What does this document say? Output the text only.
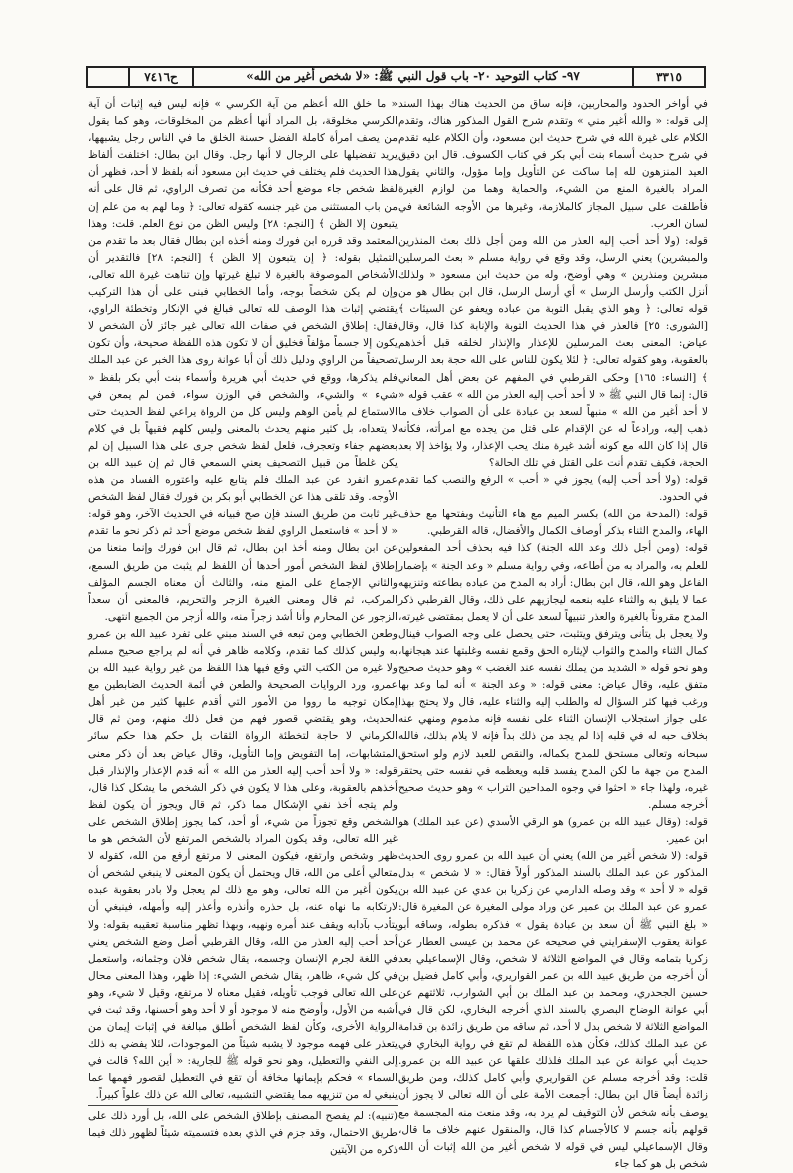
٣٣١٥
٩٧- كتاب التوحيد ٢٠- باب قول النبي ﷺ: «لا شخص أغير من الله»
ح٧٤١٦

في أواخر الحدود والمحاربين، فإنه ساق من الحديث هناك بهذا السند إلى قوله: « والله أغير مني » وتقدم شرح القول المذكور هناك، وتقدم الكلام على غيرة الله في شرح حديث ابن مسعود، وأن الكلام عليه تقدم في شرح حديث أسماء بنت أبي بكر في كتاب الكسوف. قال ابن دقيق العيد المنزهون لله إما ساكت عن التأويل وإما مؤول، والثاني يقول المراد بالغيرة المنع من الشيء، والحماية وهما من لوازم الغيرة فأطلقت على سبيل المجاز كالملازمة، وغيرها من الأوجه الشائعة في لسان العرب.

قوله: (ولا أحد أحب إليه العذر من الله ومن أجل ذلك بعث المنذرين والمبشرين) يعني الرسل، وقد وقع في رواية مسلم « بعث المرسلين مبشرين ومنذرين » وهي أوضح، وله من حديث ابن مسعود « ولذلك أنزل الكتب وأرسل الرسل » أي أرسل الرسل، قال ابن بطال هو من قوله تعالى: ﴿ وهو الذي يقبل التوبة من عباده ويعفو عن السيئات ﴾ [الشورى: ٢٥] فالعذر في هذا الحديث التوبة والإنابة كذا قال، وقال عياض: المعنى بعث المرسلين للإعذار والإنذار لخلقه قبل أخذهم بالعقوبة، وهو كقوله تعالى: ﴿ لئلا يكون للناس على الله حجة بعد الرسل ﴾ [النساء: ١٦٥] وحكى القرطبي في المفهم عن بعض أهل المعاني قال: إنما قال النبي ﷺ « لا أحد أحب إليه العذر من الله » عقب قوله « لا أحد أغير من الله » منبهاً لسعد بن عبادة على أن الصواب خلاف ما ذهب إليه، ورادعاً له عن الإقدام على قتل من يجده مع امرأته، فكأنه قال إذا كان الله مع كونه أشد غيرة منك يحب الإعذار، ولا يؤاخذ إلا بعد الحجة، فكيف تقدم أنت على القتل في تلك الحالة؟

قوله: (ولا أحد أحب إليه) يجوز في « أحب » الرفع والنصب كما تقدم في الحدود.

قوله: (المدحة من الله) بكسر الميم مع هاء التأنيث وبفتحها مع حذف الهاء، والمدح الثناء بذكر أوصاف الكمال والأفضال، قاله القرطبي.

قوله: (ومن أجل ذلك وعد الله الجنة) كذا فيه بحذف أحد المفعولين للعلم به، والمراد به من أطاعه، وفي رواية مسلم « وعد الجنة » بإضمار الفاعل وهو الله، قال ابن بطال: أراد به المدح من عباده بطاعته وتنزيهه عما لا يليق به والثناء عليه بنعمه ليجازيهم على ذلك، وقال القرطبي ذكر المدح مقروناً بالغيرة والعذر تنبيهاً لسعد على أن لا يعمل بمقتضى غيرته، ولا يعجل بل يتأنى ويترفق ويتثبت، حتى يحصل على وجه الصواب فينال كمال الثناء والمدح والثواب لإيثاره الحق وقمع نفسه وغلبتها عند هيجانها، وهو نحو قوله « الشديد من يملك نفسه عند الغضب » وهو حديث صحيح متفق عليه، وقال عياض: معنى قوله: « وعد الجنة » أنه لما وعد بها ورغب فيها كثر السؤال له والطلب إليه والثناء عليه، قال ولا يحتج بهذا على جواز استجلاب الإنسان الثناء على نفسه فإنه مذموم ومنهي عنه بخلاف حبه له في قلبه إذا لم يجد من ذلك بداً فإنه لا يلام بذلك، فالله سبحانه وتعالى مستحق للمدح بكماله، والنقص للعبد لازم ولو استحق المدح من جهة ما لكن المدح يفسد قلبه ويعظمه في نفسه حتى يحتقر غيره، ولهذا جاء « احثوا في وجوه المداحين التراب » وهو حديث صحيح أخرجه مسلم.

قوله: (وقال عبيد الله بن عمرو) هو الرقي الأسدي (عن عبد الملك) هو ابن عمير.

قوله: (لا شخص أغير من الله) يعني أن عبيد الله بن عمرو روى الحديث المذكور عن عبد الملك بالسند المذكور أولاً فقال: « لا شخص » بدل قوله « لا أحد » وقد وصله الدارمي عن زكريا بن عدي عن عبيد الله بن عمرو عن عبد الملك بن عمير عن وراد مولى المغيرة عن المغيرة قال: « بلغ النبي ﷺ أن سعد بن عبادة يقول » فذكره بطوله، وساقه أبو عوانة يعقوب الإسفرايني في صحيحه عن محمد بن عيسى العطار عن زكريا بتمامه وقال في المواضع الثلاثة لا شخص، وقال الإسماعيلي بعد أن أخرجه من طريق عبيد الله بن عمر القواريري، وأبي كامل فضيل بن حسين الجحدري، ومحمد بن عبد الملك بن أبي الشوارب، ثلاثتهم عن أبي عوانة الوضاح البصري بالسند الذي أخرجه البخاري، لكن قال في المواضع الثلاثة لا شخص بدل لا أحد، ثم ساقه من طريق زائدة بن قدامة عن عبد الملك كذلك، فكأن هذه اللفظة لم تقع في رواية البخاري في حديث أبي عوانة عن عبد الملك فلذلك علقها عن عبيد الله بن عمرو. قلت: وقد أخرجه مسلم عن القواريري وأبي كامل كذلك، ومن طريق زائدة أيضاً قال ابن بطال: أجمعت الأمة على أن الله تعالى لا يجوز أن يوصف بأنه شخص لأن التوقيف لم يرد به، وقد منعت منه المجسمة مع قولهم بأنه جسم لا كالأجسام كذا قال، والمنقول عنهم خلاف ما قال، وقال الإسماعيلي ليس في قوله لا شخص أغير من الله إثبات أن الله شخص بل هو كما جاء

« ما خلق الله أعظم من آية الكرسي » فإنه ليس فيه إثبات أن آية الكرسي مخلوقة، بل المراد أنها أعظم من المخلوقات، وهو كما يقول من يصف امرأة كاملة الفضل حسنة الخلق ما في الناس رجل يشبهها، يريد تفضيلها على الرجال لا أنها رجل. وقال ابن بطال: اختلفت ألفاظ هذا الحديث فلم يختلف في حديث ابن مسعود أنه بلفظ لا أحد، فظهر أن لفظ شخص جاء موضع أحد فكأنه من تصرف الراوي، ثم قال على أنه من باب المستثنى من غير جنسه كقوله تعالى: ﴿ وما لهم به من علم إن يتبعون إلا الظن ﴾ [النجم: ٢٨] وليس الظن من نوع العلم. قلت: وهذا المعتمد وقد قرره ابن فورك ومنه أخذه ابن بطال فقال بعد ما تقدم من التمثيل بقوله: ﴿ إن يتبعون إلا الظن ﴾ [النجم: ٢٨] فالتقدير أن الأشخاص الموصوفة بالغيرة لا تبلغ غيرتها وإن تناهت غيرة الله تعالى، وإن لم يكن شخصاً بوجه، وأما الخطابي فبنى على أن هذا التركيب يقتضي إثبات هذا الوصف لله تعالى فبالغ في الإنكار وتخطئة الراوي، فقال: إطلاق الشخص في صفات الله تعالى غير جائز لأن الشخص لا يكون إلا جسماً مؤلفاً فخليق أن لا تكون هذه اللفظة صحيحة، وأن تكون تصحيفاً من الراوي ودليل ذلك أن أبا عوانة روى هذا الخبر عن عبد الملك فلم يذكرها، ووقع في حديث أبي هريرة وأسماء بنت أبي بكر بلفظ « شيء » والشيء، والشخص في الوزن سواء، فمن لم يمعن في الاستماع لم يأمن الوهم وليس كل من الرواة يراعي لفظ الحديث حتى لا يتعداه، بل كثير منهم يحدث بالمعنى وليس كلهم فقيهاً بل في كلام بعضهم جفاء وتعجرف، فلعل لفظ شخص جرى على هذا السبيل إن لم يكن غلطاً من قبيل التصحيف يعني السمعي قال ثم إن عبيد الله بن عمرو انفرد عن عبد الملك فلم يتابع عليه واعتوره الفساد من هذه الأوجه. وقد تلقى هذا عن الخطابي أبو بكر بن فورك فقال لفظ الشخص غير ثابت من طريق السند فإن صح فبيانه في الحديث الآخر، وهو قوله: « لا أحد » فاستعمل الراوي لفظ شخص موضع أحد ثم ذكر نحو ما تقدم عن ابن بطال ومنه أخذ ابن بطال، ثم قال ابن فورك وإنما منعنا من إطلاق لفظ الشخص أمور أحدها أن اللفظ لم يثبت من طريق السمع، والثاني الإجماع على المنع منه، والثالث أن معناه الجسم المؤلف المركب، ثم قال ومعنى الغيرة الزجر والتحريم، فالمعنى أن سعداً الزجور عن المحارم وأنا أشد زجراً منه، والله أزجر من الجميع انتهى.

وطعن الخطابي ومن تبعه في السند مبني على تفرد عبيد الله بن عمرو به وليس كذلك كما تقدم، وكلامه ظاهر في أنه لم يراجع صحيح مسلم ولا غيره من الكتب التي وقع فيها هذا اللفظ من غير رواية عبيد الله بن عمرو، ورد الروايات الصحيحة والطعن في أئمة الحديث الضابطين مع إمكان توجيه ما رووا من الأمور التي أقدم عليها كثير من غير أهل الحديث، وهو يقتضي قصور فهم من فعل ذلك منهم، ومن ثم قال الكرماني لا حاجة لتخطئة الرواة الثقات بل حكم هذا حكم سائر المتشابهات، إما التفويض وإما التأويل، وقال عياض بعد أن ذكر معنى قوله: « ولا أحد أحب إليه العذر من الله » أنه قدم الإعذار والإنذار قبل أخذهم بالعقوبة، وعلى هذا لا يكون في ذكر الشخص ما يشكل كذا قال، ولم يتجه أخذ نفي الإشكال مما ذكر، ثم قال ويجوز أن يكون لفظ الشخص وقع تجوزاً من شيء، أو أحد، كما يجوز إطلاق الشخص على غير الله تعالى، وقد يكون المراد بالشخص المرتفع لأن الشخص هو ما ظهر وشخص وارتفع، فيكون المعنى لا مرتفع أرفع من الله، كقوله لا متعالي أعلى من الله، قال ويحتمل أن يكون المعنى لا ينبغي لشخص أن يكون أغير من الله تعالى، وهو مع ذلك لم يعجل ولا بادر بعقوبة عبده لارتكابه ما نهاه عنه، بل حذره وأنذره وأعذر إليه وأمهله، فينبغي أن يتأدب بآدابه ويقف عند أمره ونهيه، وبهذا تظهر مناسبة تعقيبه بقوله: ولا أحد أحب إليه العذر من الله، وقال القرطبي أصل وضع الشخص يعني في اللغة لجرم الإنسان وجسمه، يقال شخص فلان وجثمانه، واستعمل في كل شيء، ظاهر، يقال شخص الشيء: إذا ظهر، وهذا المعنى محال على الله تعالى فوجب تأويله، فقيل معناه لا مرتفع، وقيل لا شيء، وهو أشبه من الأول، وأوضح منه لا موجود أو لا أحد وهو أحسنها، وقد ثبت في الرواية الأخرى، وكأن لفظ الشخص أطلق مبالغة في إثبات إيمان من يتعذر على فهمه موجود لا يشبه شيئاً من الموجودات، لئلا يفضي به ذلك إلى النفي والتعطيل، وهو نحو قوله ﷺ للجارية: « أين الله؟ قالت في السماء » فحكم بإيمانها مخافة أن تقع في التعطيل لقصور فهمها عما ينبغي له من تنزيهه مما يقتضي التشبيه، تعالى الله عن ذلك علواً كبيراً.

(تنبيه): لم يفصح المصنف بإطلاق الشخص على الله، بل أورد ذلك على طريق الاحتمال، وقد جزم في الذي بعده فتسميته شيئاً لظهور ذلك فيما ذكره من الآيتين
